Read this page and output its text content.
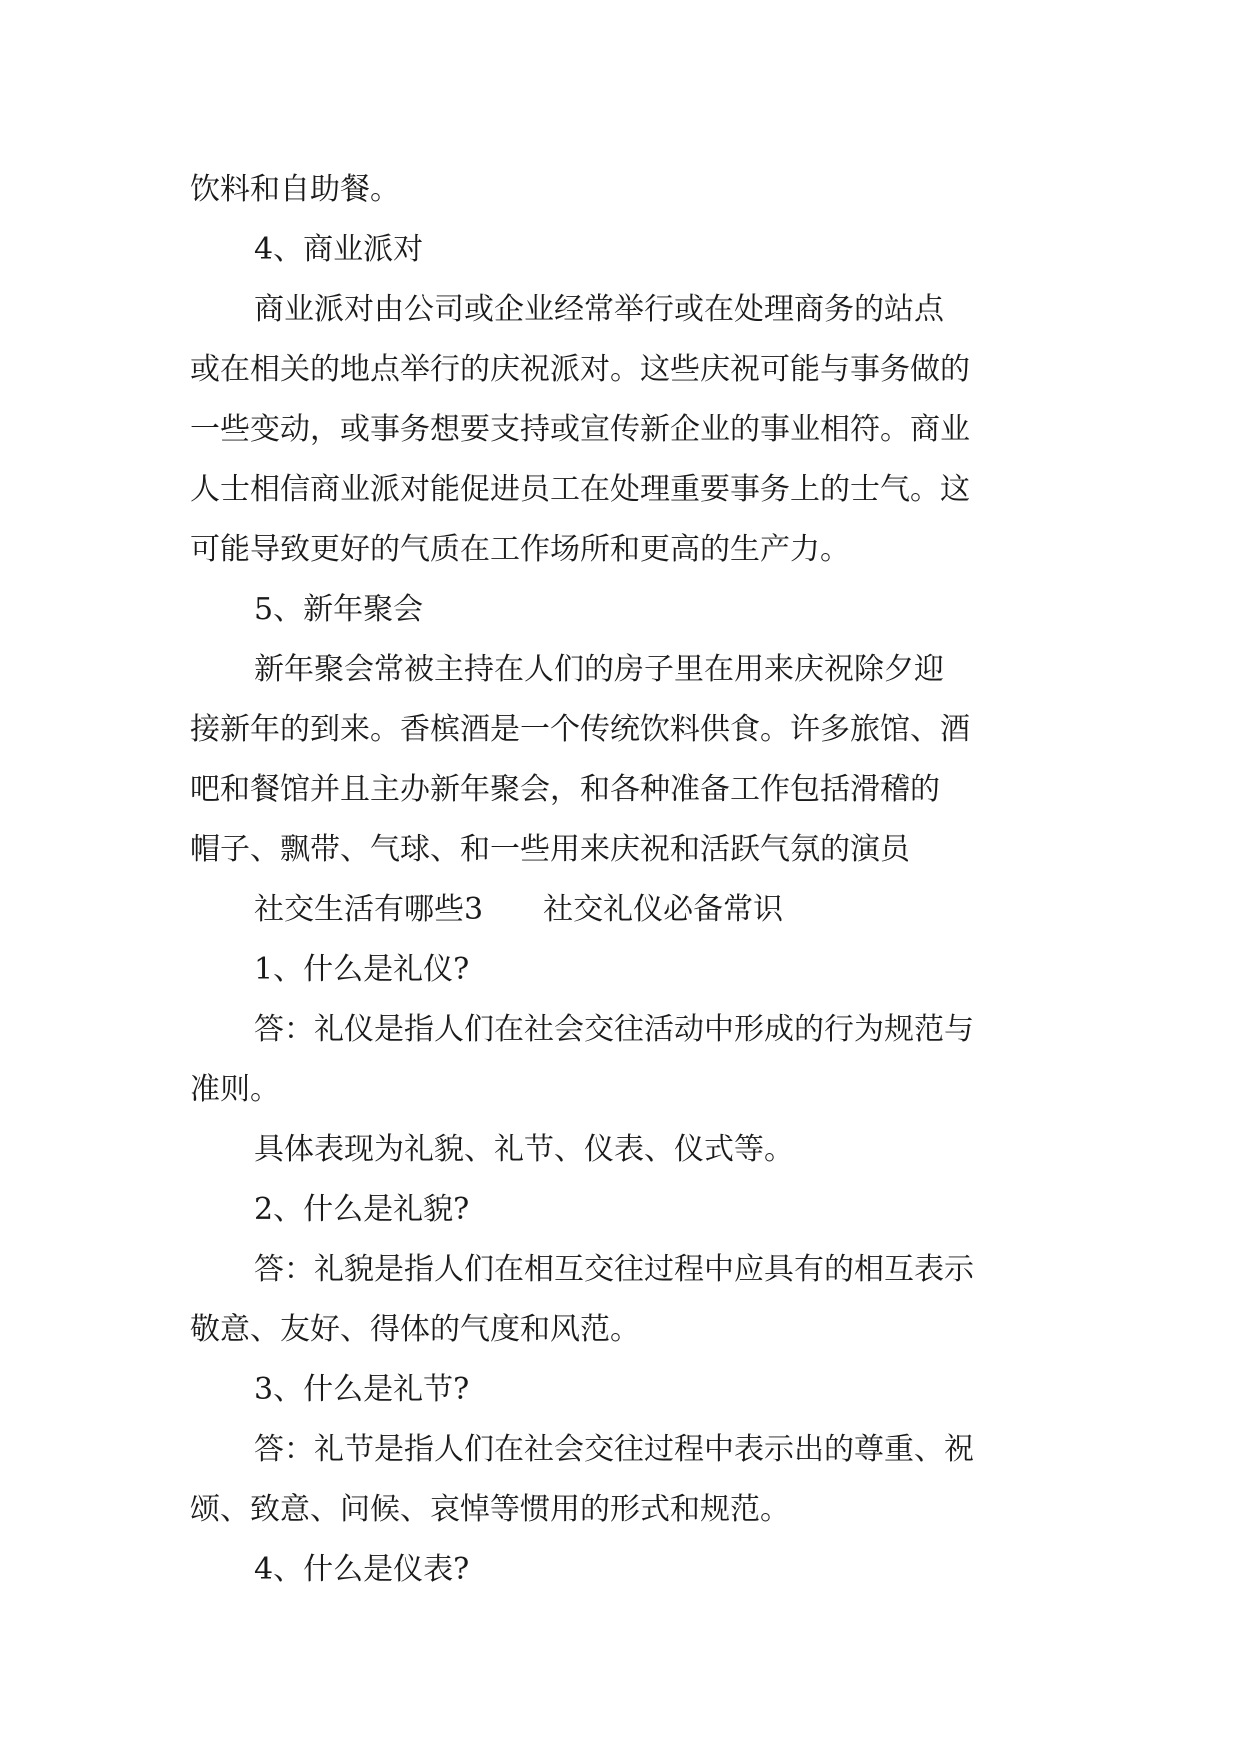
饮料和自助餐。
4、商业派对
商业派对由公司或企业经常举行或在处理商务的站点
或在相关的地点举行的庆祝派对。这些庆祝可能与事务做的
一些变动，或事务想要支持或宣传新企业的事业相符。商业
人士相信商业派对能促进员工在处理重要事务上的士气。这
可能导致更好的气质在工作场所和更高的生产力。
5、新年聚会
新年聚会常被主持在人们的房子里在用来庆祝除夕迎
接新年的到来。香槟酒是一个传统饮料供食。许多旅馆、酒
吧和餐馆并且主办新年聚会，和各种准备工作包括滑稽的
帽子、飘带、气球、和一些用来庆祝和活跃气氛的演员
社交生活有哪些3 社交礼仪必备常识
1、什么是礼仪?
答：礼仪是指人们在社会交往活动中形成的行为规范与
准则。
具体表现为礼貌、礼节、仪表、仪式等。
2、什么是礼貌?
答：礼貌是指人们在相互交往过程中应具有的相互表示
敬意、友好、得体的气度和风范。
3、什么是礼节?
答：礼节是指人们在社会交往过程中表示出的尊重、祝
颂、致意、问候、哀悼等惯用的形式和规范。
4、什么是仪表?
